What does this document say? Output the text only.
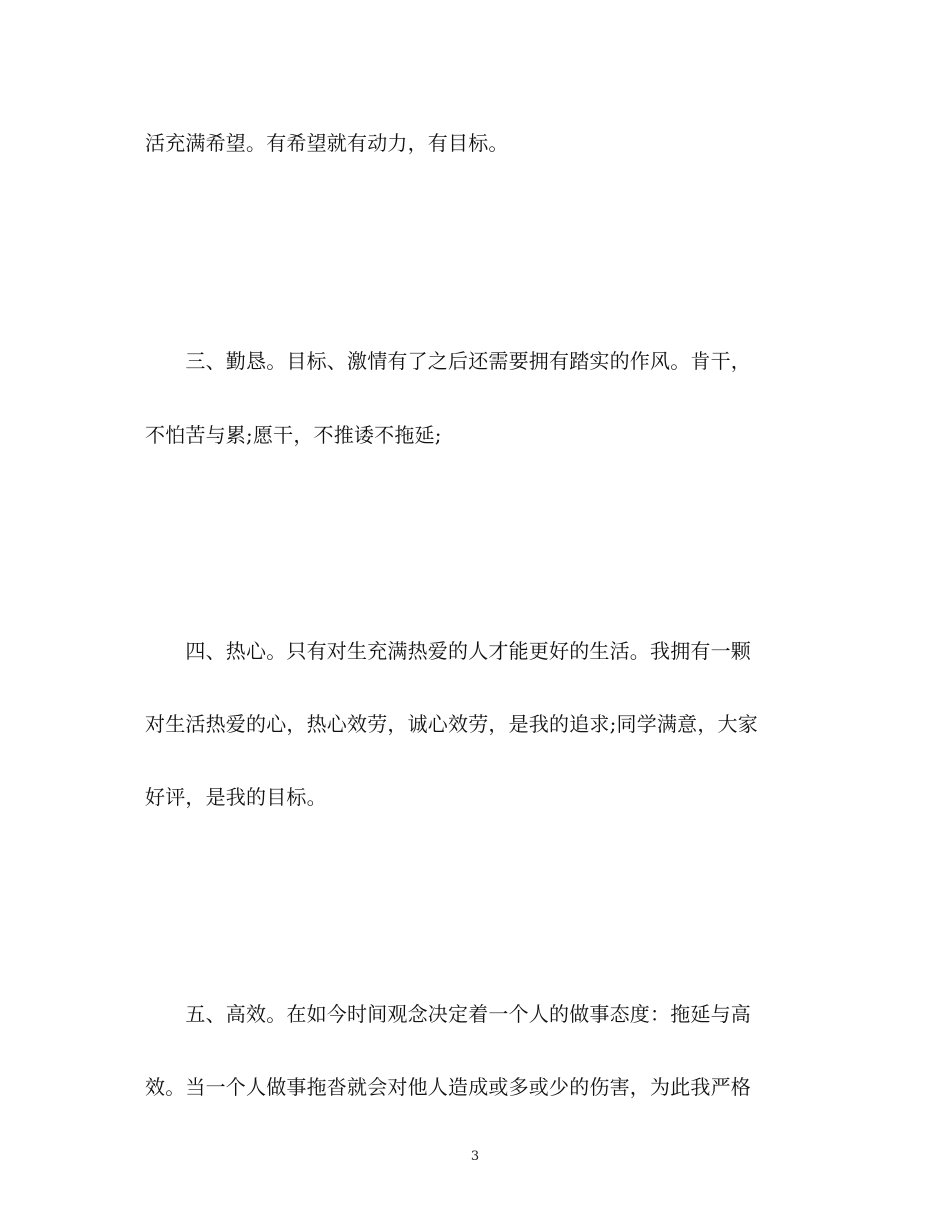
活充满希望。有希望就有动力，有目标。
　　三、勤恳。目标、激情有了之后还需要拥有踏实的作风。肯干，
不怕苦与累;愿干，不推诿不拖延;
　　四、热心。只有对生充满热爱的人才能更好的生活。我拥有一颗
对生活热爱的心，热心效劳，诚心效劳，是我的追求;同学满意，大家
好评，是我的目标。
　　五、高效。在如今时间观念决定着一个人的做事态度：拖延与高
效。当一个人做事拖沓就会对他人造成或多或少的伤害，为此我严格
3
